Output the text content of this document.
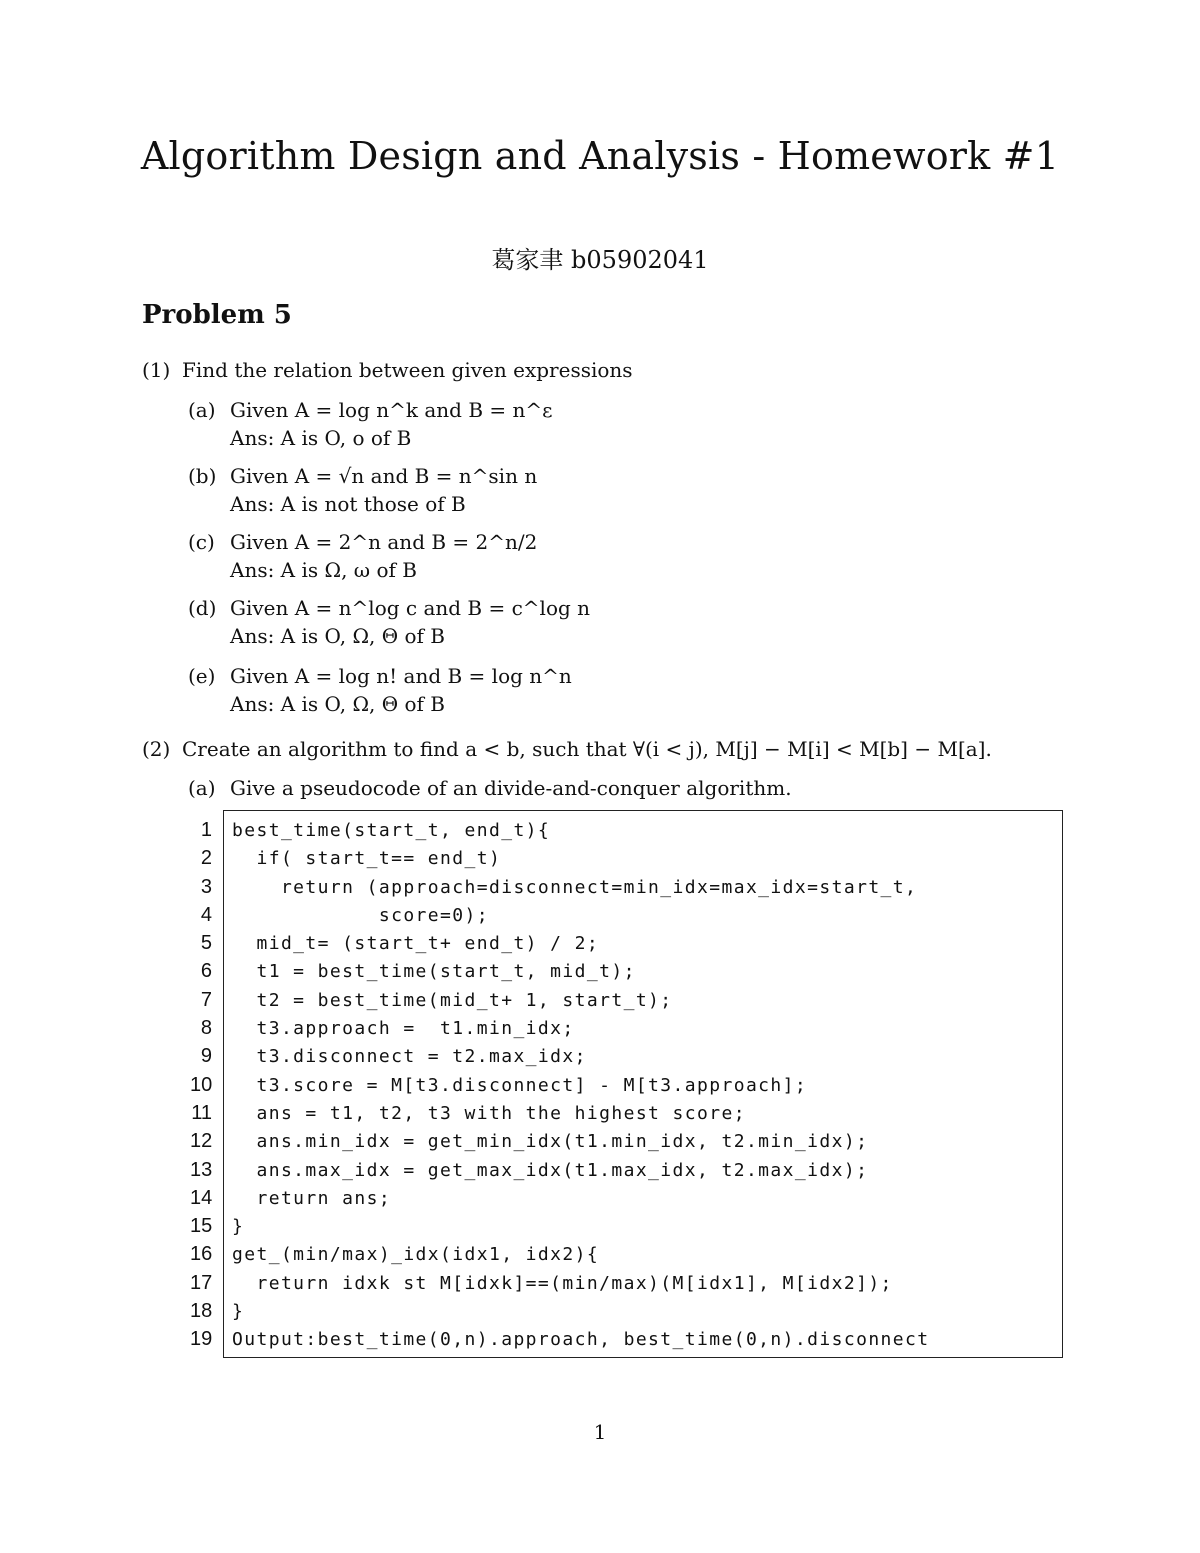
Algorithm Design and Analysis - Homework #1
葛家聿 b05902041
Problem 5
(1) Find the relation between given expressions
(a) Given A = log n^k and B = n^ε
Ans: A is O, o of B
(b) Given A = √n and B = n^sin n
Ans: A is not those of B
(c) Given A = 2^n and B = 2^n/2
Ans: A is Ω, ω of B
(d) Given A = n^log c and B = c^log n
Ans: A is O, Ω, Θ of B
(e) Given A = log n! and B = log n^n
Ans: A is O, Ω, Θ of B
(2) Create an algorithm to find a < b, such that ∀(i < j), M[j] − M[i] < M[b] − M[a].
(a) Give a pseudocode of an divide-and-conquer algorithm.
1
2
3
4
5
6
7
8
9
10
11
12
13
14
15
16
17
18
19
best_time(start_t, end_t){
if( start_t== end_t)
return (approach=disconnect=min_idx=max_idx=start_t,
score=0);
mid_t= (start_t+ end_t) / 2;
t1 = best_time(start_t, mid_t);
t2 = best_time(mid_t+ 1, start_t);
t3.approach =  t1.min_idx;
t3.disconnect = t2.max_idx;
t3.score = M[t3.disconnect] - M[t3.approach];
ans = t1, t2, t3 with the highest score;
ans.min_idx = get_min_idx(t1.min_idx, t2.min_idx);
ans.max_idx = get_max_idx(t1.max_idx, t2.max_idx);
return ans;
}
get_(min/max)_idx(idx1, idx2){
return idxk st M[idxk]==(min/max)(M[idx1], M[idx2]);
}
Output:best_time(0,n).approach, best_time(0,n).disconnect
1
